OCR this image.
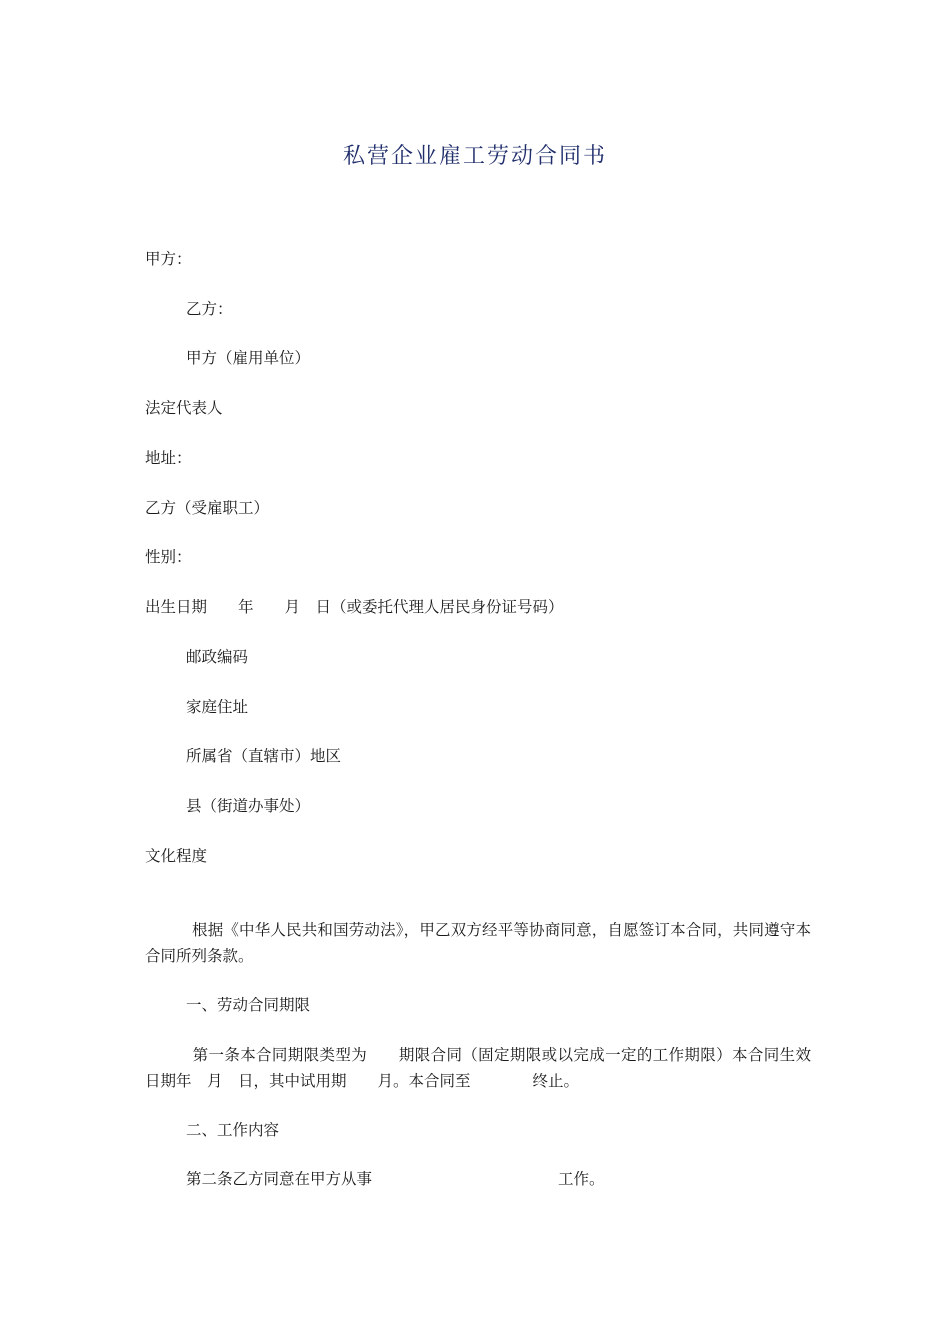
私营企业雇工劳动合同书
甲方：
乙方：
甲方（雇用单位）
法定代表人
地址：
乙方（受雇职工）
性别：
出生日期　　年　　月　日（或委托代理人居民身份证号码）
邮政编码
家庭住址
所属省（直辖市）地区
县（街道办事处）
文化程度
　　　根据《中华人民共和国劳动法》，甲乙双方经平等协商同意，自愿签订本合同，共同遵守本合同所列条款。
一、劳动合同期限
　　　第一条本合同期限类型为　　期限合同（固定期限或以完成一定的工作期限）本合同生效日期年　月　日，其中试用期　　月。本合同至　　　　终止。
二、工作内容
第二条乙方同意在甲方从事　　　　　　　　　　　　工作。
